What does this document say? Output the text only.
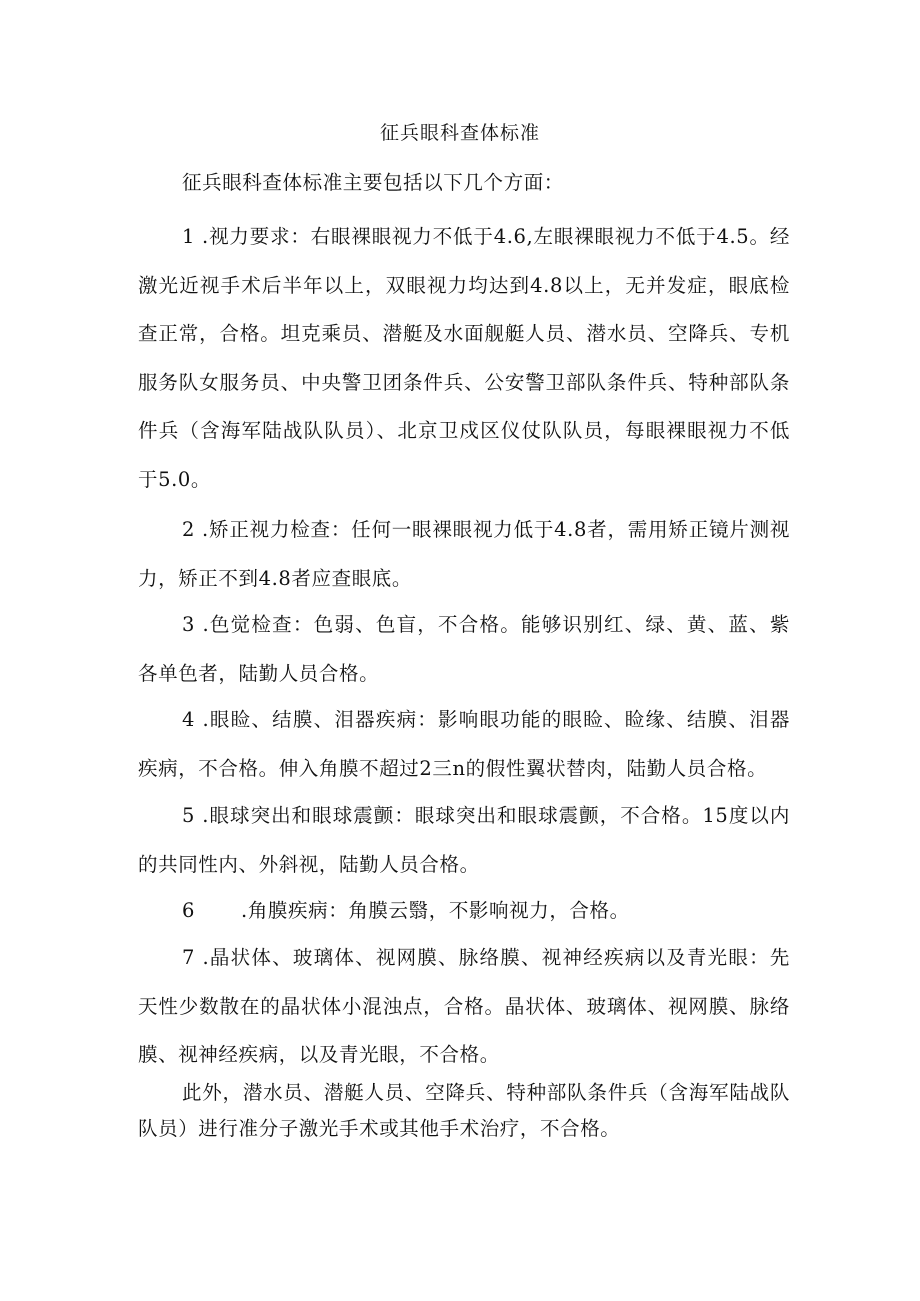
征兵眼科查体标准

征兵眼科查体标准主要包括以下几个方面：

1 .视力要求：右眼裸眼视力不低于4.6,左眼裸眼视力不低于4.5。经激光近视手术后半年以上，双眼视力均达到4.8以上，无并发症，眼底检查正常，合格。坦克乘员、潜艇及水面舰艇人员、潜水员、空降兵、专机服务队女服务员、中央警卫团条件兵、公安警卫部队条件兵、特种部队条件兵（含海军陆战队队员）、北京卫戍区仪仗队队员，每眼裸眼视力不低于5.0。

2 .矫正视力检查：任何一眼裸眼视力低于4.8者，需用矫正镜片测视力，矫正不到4.8者应查眼底。

3 .色觉检查：色弱、色盲，不合格。能够识别红、绿、黄、蓝、紫各单色者，陆勤人员合格。

4 .眼睑、结膜、泪器疾病：影响眼功能的眼睑、睑缘、结膜、泪器疾病，不合格。伸入角膜不超过2三n的假性翼状替肉，陆勤人员合格。

5 .眼球突出和眼球震颤：眼球突出和眼球震颤，不合格。15度以内的共同性内、外斜视，陆勤人员合格。

6 .角膜疾病：角膜云翳，不影响视力，合格。

7 .晶状体、玻璃体、视网膜、脉络膜、视神经疾病以及青光眼：先天性少数散在的晶状体小混浊点，合格。晶状体、玻璃体、视网膜、脉络膜、视神经疾病，以及青光眼，不合格。

此外，潜水员、潜艇人员、空降兵、特种部队条件兵（含海军陆战队队员）进行准分子激光手术或其他手术治疗，不合格。
